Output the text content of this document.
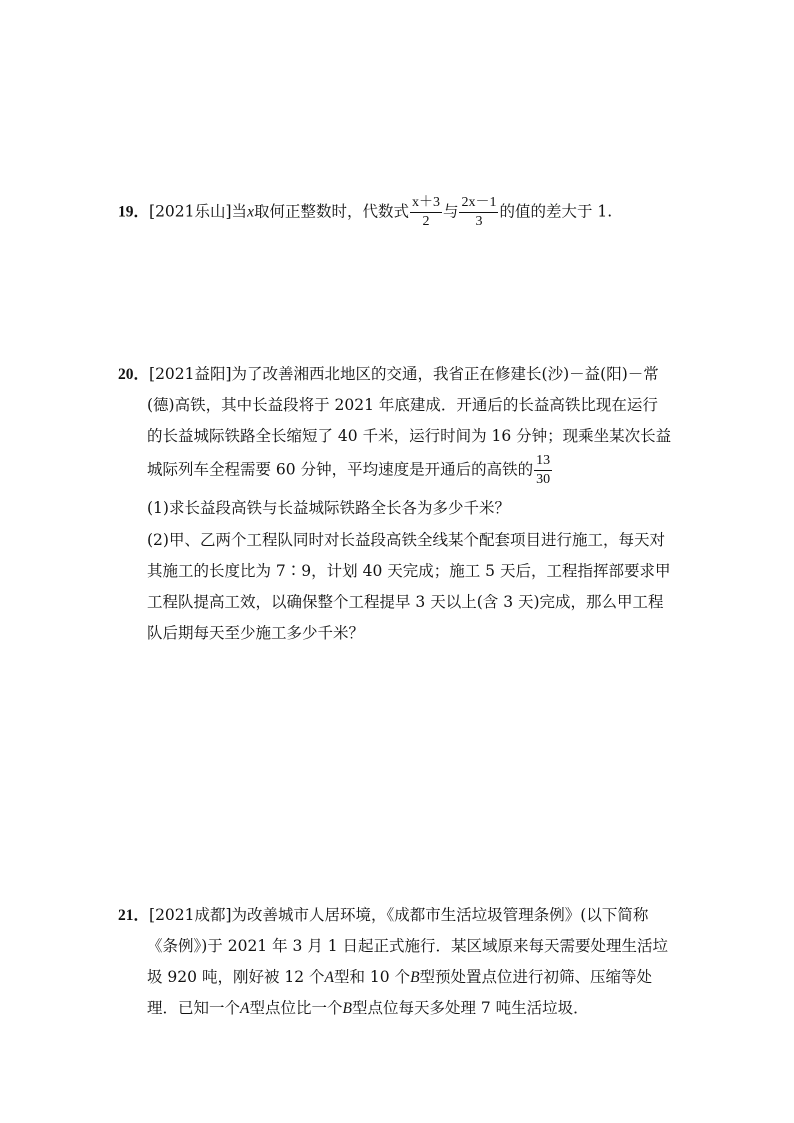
19．[2021乐山]当x取何正整数时，代数式 $\frac{x+3}{2}$ 与 $\frac{2x-1}{3}$ 的值的差大于 1.
20．[2021益阳]为了改善湘西北地区的交通，我省正在修建长(沙)－益(阳)－常
(德)高铁，其中长益段将于 2021 年底建成．开通后的长益高铁比现在运行
的长益城际铁路全长缩短了 40 千米，运行时间为 16 分钟；现乘坐某次长益
城际列车全程需要 60 分钟，平均速度是开通后的高铁的 $\frac{13}{30}$
(1)求长益段高铁与长益城际铁路全长各为多少千米？
(2)甲、乙两个工程队同时对长益段高铁全线某个配套项目进行施工，每天对
其施工的长度比为 7∶9，计划 40 天完成；施工 5 天后，工程指挥部要求甲
工程队提高工效，以确保整个工程提早 3 天以上(含 3 天)完成，那么甲工程
队后期每天至少施工多少千米？
21．[2021成都]为改善城市人居环境，《成都市生活垃圾管理条例》(以下简称
《条例》)于 2021 年 3 月 1 日起正式施行．某区域原来每天需要处理生活垃
圾 920 吨，刚好被 12 个A型和 10 个B型预处置点位进行初筛、压缩等处
理．已知一个A型点位比一个B型点位每天多处理 7 吨生活垃圾．
